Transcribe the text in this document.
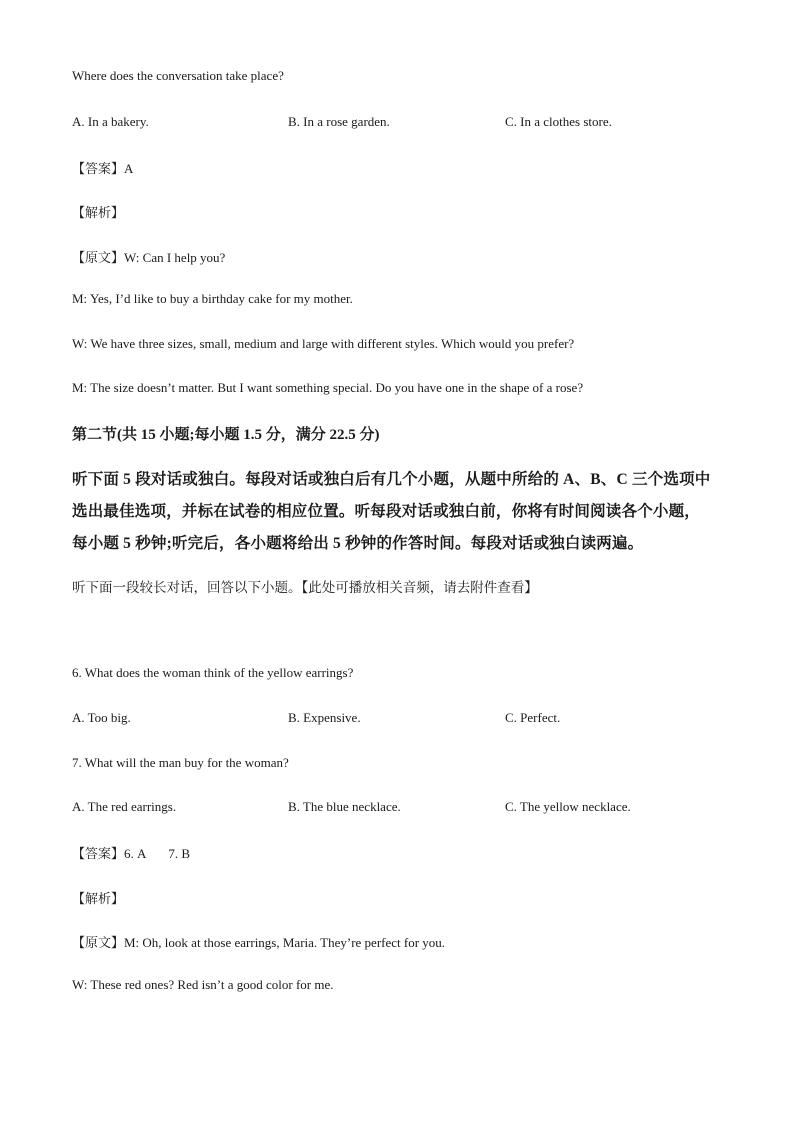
Where does the conversation take place?
A. In a bakery.	B. In a rose garden.	C. In a clothes store.
【答案】A
【解析】
【原文】W: Can I help you?
M: Yes, I’d like to buy a birthday cake for my mother.
W: We have three sizes, small, medium and large with different styles. Which would you prefer?
M: The size doesn’t matter. But I want something special. Do you have one in the shape of a rose?
第二节(共 15 小题;每小题 1.5 分，满分 22.5 分)
听下面 5 段对话或独白。每段对话或独白后有几个小题，从题中所给的 A、B、C 三个选项中
选出最佳选项，并标在试卷的相应位置。听每段对话或独白前，你将有时间阅读各个小题，
每小题 5 秒钟;听完后，各小题将给出 5 秒钟的作答时间。每段对话或独白读两遍。
听下面一段较长对话，回答以下小题。【此处可播放相关音频，请去附件查看】
6. What does the woman think of the yellow earrings?
A. Too big.	B. Expensive.	C. Perfect.
7. What will the man buy for the woman?
A. The red earrings.	B. The blue necklace.	C. The yellow necklace.
【答案】6. A       7. B
【解析】
【原文】M: Oh, look at those earrings, Maria. They’re perfect for you.
W: These red ones? Red isn’t a good color for me.
